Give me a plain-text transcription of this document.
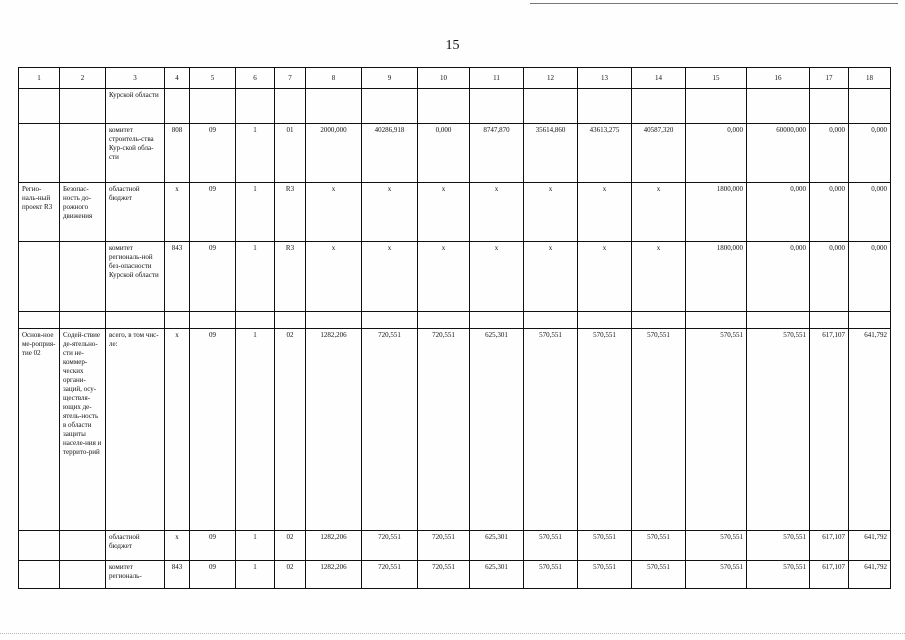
15
1	2	3	4	5	6	7	8	9	10	11	12	13	14	15	16	17	18
		Курской области															
		комитет строитель-ства Кур-ской обла-сти	808	09	1	01	2000,000	40286,918	0,000	8747,870	35614,860	43613,275	40587,320	0,000	60000,000	0,000	0,000
Регио-наль-ный проект R3	Безопас-ность до-рожного движения	областной бюджет	x	09	1	R3	x	x	x	x	x	x	x	1800,000	0,000	0,000	0,000
		комитет региональ-ной без-опасности Курской области	843	09	1	R3	x	x	x	x	x	x	x	1800,000	0,000	0,000	0,000

Основ-ное ме-роприя-тие 02	Содей-ствие де-ятельно-сти не-коммер-ческих органи-заций, осу-ществля-ющих де-ятель-ность в области защиты населе-ния и террито-рий	всего, в том чис-ле:	x	09	1	02	1282,206	720,551	720,551	625,301	570,551	570,551	570,551	570,551	570,551	617,107	641,792
		областной бюджет	x	09	1	02	1282,206	720,551	720,551	625,301	570,551	570,551	570,551	570,551	570,551	617,107	641,792
		комитет региональ-	843	09	1	02	1282,206	720,551	720,551	625,301	570,551	570,551	570,551	570,551	570,551	617,107	641,792
